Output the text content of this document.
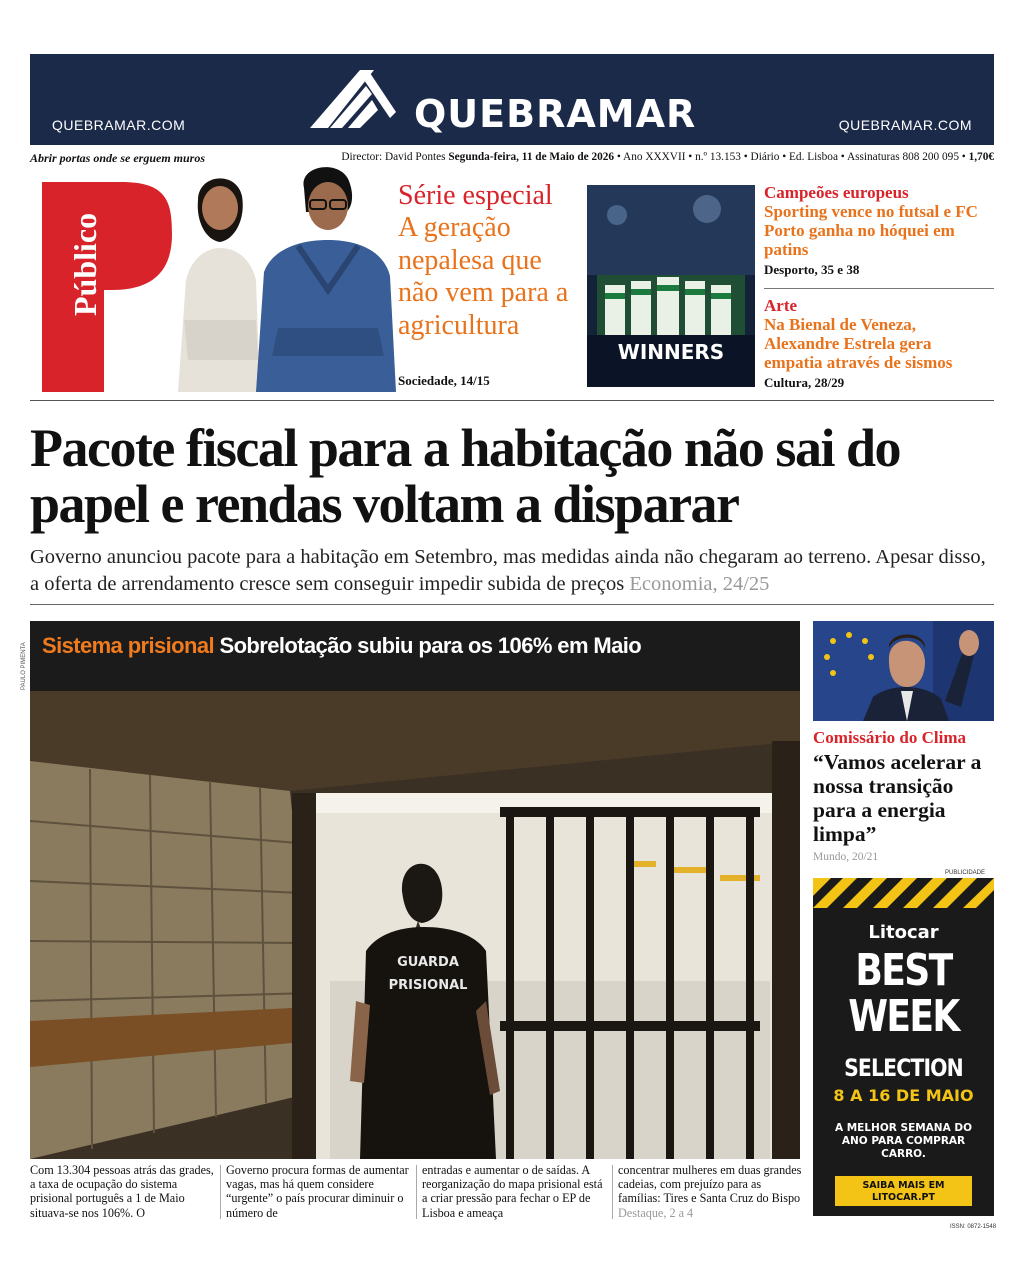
QUEBRAMAR.COM	QUEBRAMAR	QUEBRAMAR.COM
Abrir portas onde se erguem muros	Director: David Pontes Segunda-feira, 11 de Maio de 2026 • Ano XXXVII • n.º 13.153 • Diário • Ed. Lisboa • Assinaturas 808 200 095 • 1,70€
Público
Série especial
A geração nepalesa que não vem para a agricultura
Sociedade, 14/15
WINNERS
Campeões europeus
Sporting vence no futsal e FC Porto ganha no hóquei em patins
Desporto, 35 e 38
Arte
Na Bienal de Veneza, Alexandre Estrela gera empatia através de sismos
Cultura, 28/29
Pacote fiscal para a habitação não sai do papel e rendas voltam a disparar

Governo anunciou pacote para a habitação em Setembro, mas medidas ainda não chegaram ao terreno. Apesar disso, a oferta de arrendamento cresce sem conseguir impedir subida de preços Economia, 24/25

PAULO PIMENTA Sistema prisional Sobrelotação subiu para os 106% em Maio
GUARDA
PRISIONAL
Com 13.304 pessoas atrás das grades, a taxa de ocupação do sistema prisional português a 1 de Maio situava-se nos 106%. O
Governo procura formas de aumentar vagas, mas há quem considere “urgente” o país procurar diminuir o número de
entradas e aumentar o de saídas. A reorganização do mapa prisional está a criar pressão para fechar o EP de Lisboa e ameaça
concentrar mulheres em duas grandes cadeias, com prejuízo para as famílias: Tires e Santa Cruz do Bispo Destaque, 2 a 4
Comissário do Clima
“Vamos acelerar a nossa transição para a energia limpa”
Mundo, 20/21
PUBLICIDADE
Litocar
BEST
WEEK
SELECTION
8 A 16 DE MAIO
A MELHOR SEMANA DO ANO PARA COMPRAR CARRO.
SAIBA MAIS EM
LITOCAR.PT
ISSN: 0872-1548
